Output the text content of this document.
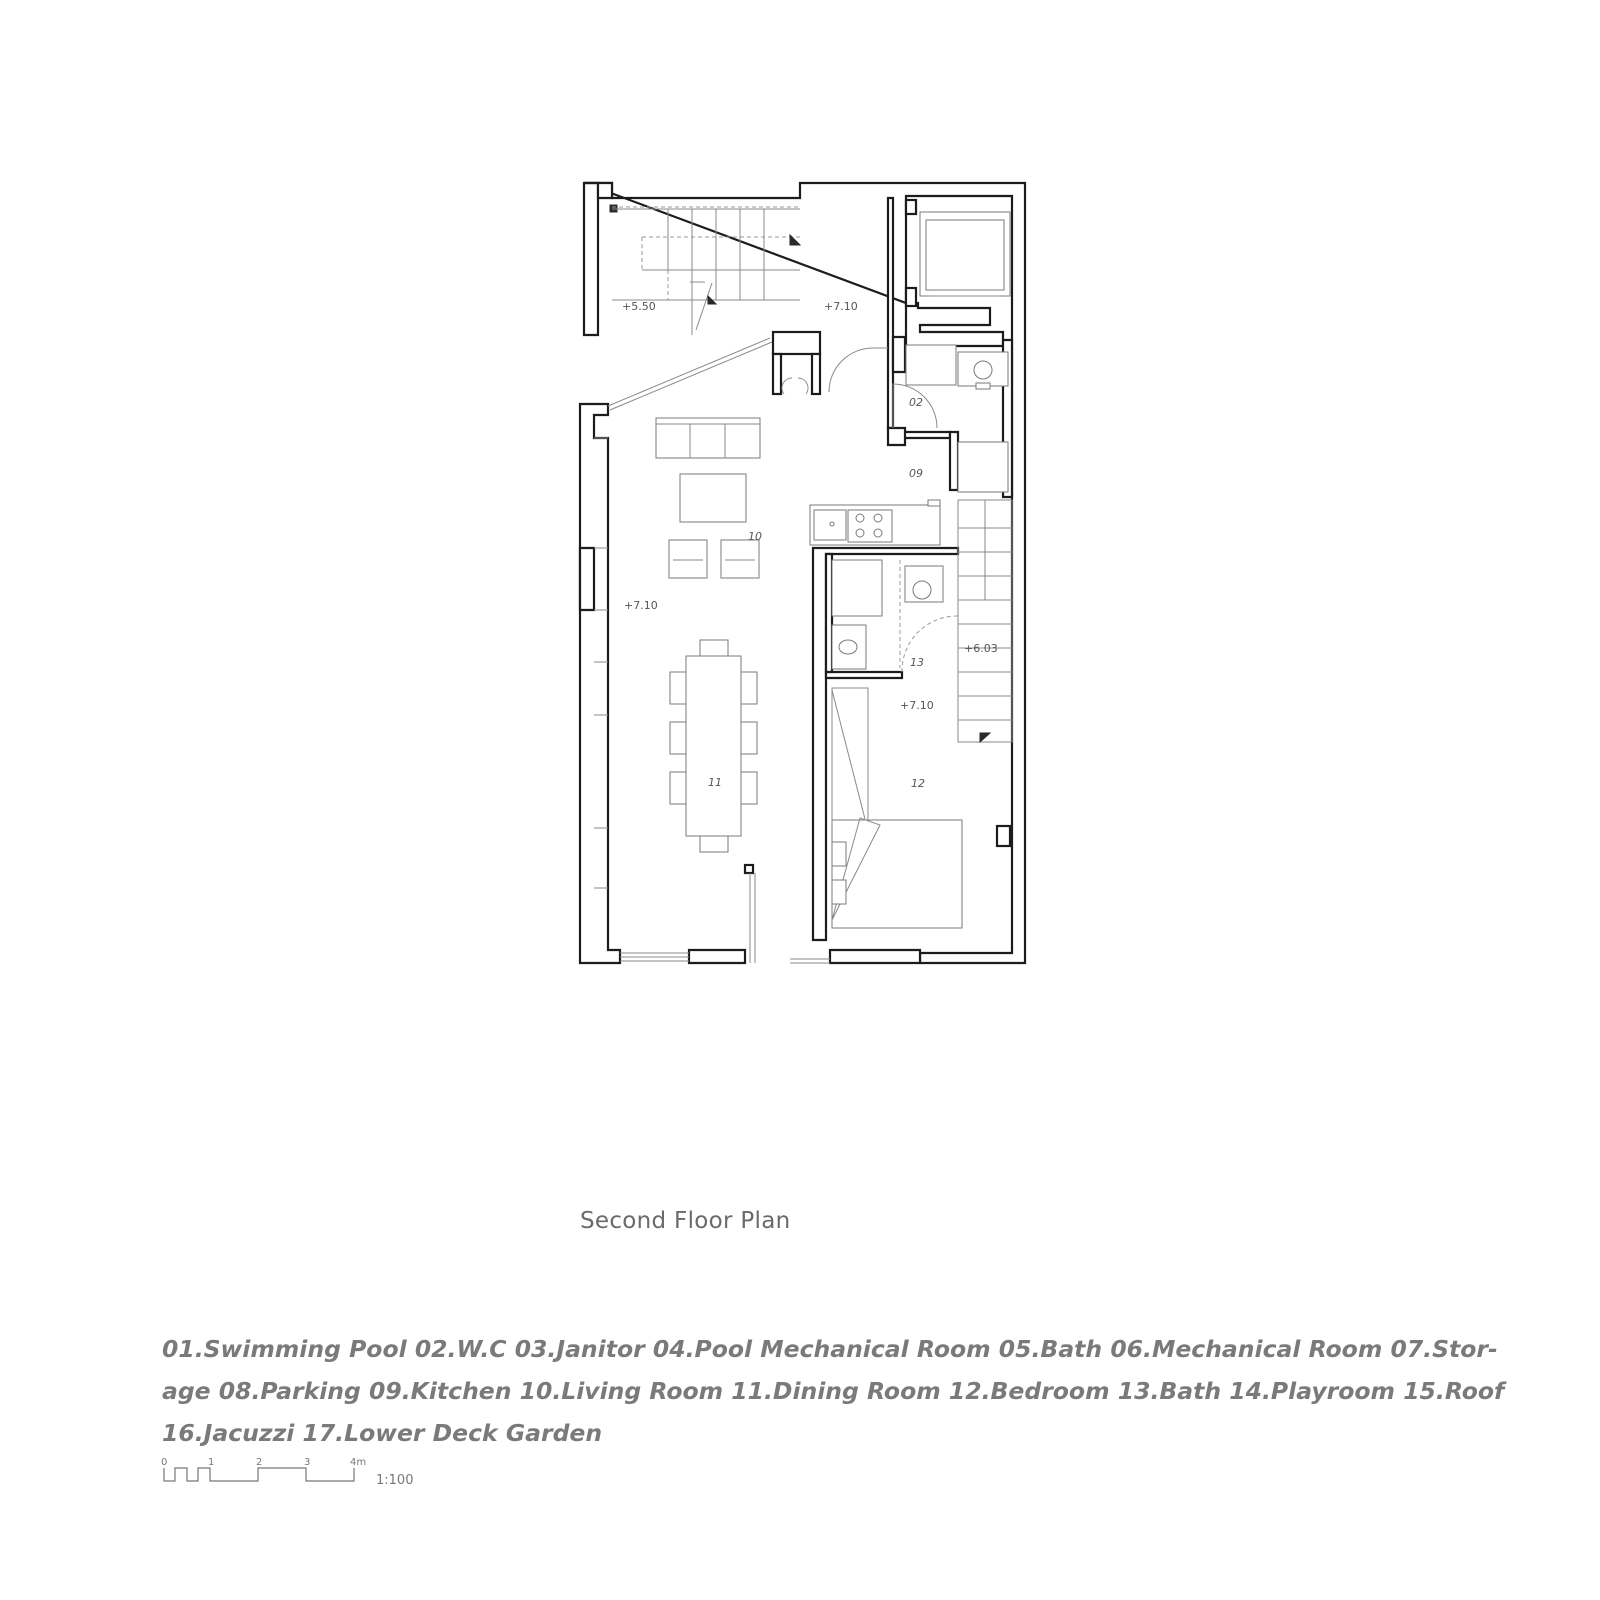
+5.50	+7.10
+7.10
+6.03
+7.10
02
09
10
11	12
13
0	1	2	3	4m
1:100
Second Floor Plan
01.Swimming Pool 02.W.C 03.Janitor 04.Pool Mechanical Room 05.Bath 06.Mechanical Room 07.Stor-
age 08.Parking 09.Kitchen 10.Living Room 11.Dining Room 12.Bedroom 13.Bath 14.Playroom 15.Roof
16.Jacuzzi 17.Lower Deck Garden
